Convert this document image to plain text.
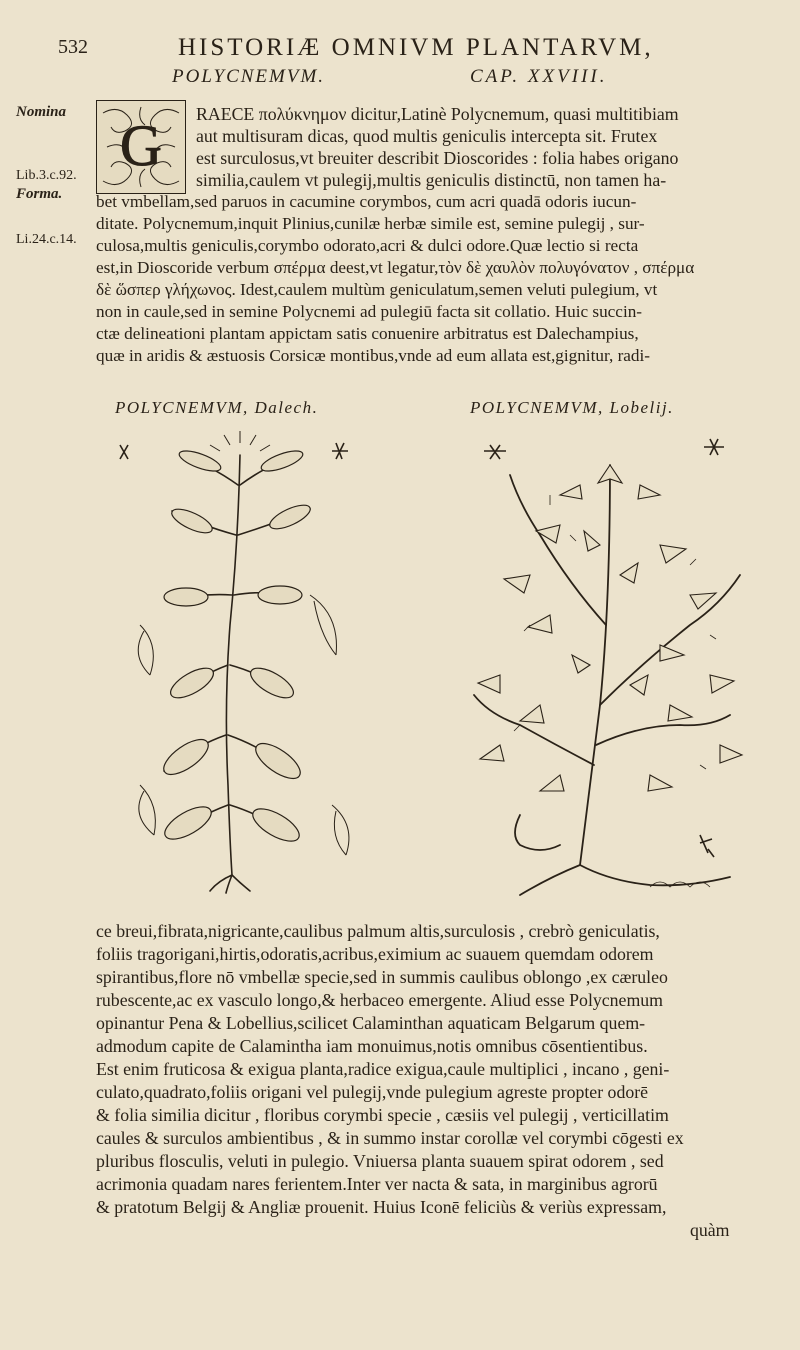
532	HISTORIÆ OMNIVM PLANTARVM,
POLYCNEMVM.	CAP. XXVIII.
Nomina
Lib.3.c.92.
Forma.
Li.24.c.14.
G RAECE πολύκνημον dicitur,Latinè Polycnemum, quasi multitibiam
aut multisuram dicas, quod multis geniculis intercepta sit. Frutex
est surculosus,vt breuiter describit Dioscorides : folia habes origano
similia,caulem vt pulegij,multis geniculis distinctū, non tamen ha-
bet vmbellam,sed paruos in cacumine corymbos, cum acri quadā odoris iucun-
ditate. Polycnemum,inquit Plinius,cunilæ herbæ simile est, semine pulegij , sur-
culosa,multis geniculis,corymbo odorato,acri & dulci odore.Quæ lectio si recta
est,in Dioscoride verbum σπέρμα deest,vt legatur,τὸν δὲ χαυλὸν πολυγόνατον , σπέρμα
δὲ ὥσπερ γλήχωνος. Idest,caulem multùm geniculatum,semen veluti pulegium, vt
non in caule,sed in semine Polycnemi ad pulegiū facta sit collatio. Huic succin-
ctæ delineationi plantam appictam satis conuenire arbitratus est Dalechampius,
quæ in aridis & æstuosis Corsicæ montibus,vnde ad eum allata est,gignitur, radi-
POLYCNEMVM, Dalech.	POLYCNEMVM, Lobelij.
ce breui,fibrata,nigricante,caulibus palmum altis,surculosis , crebrò geniculatis,
foliis tragorigani,hirtis,odoratis,acribus,eximium ac suauem quemdam odorem
spirantibus,flore nō vmbellæ specie,sed in summis caulibus oblongo ,ex cæruleo
rubescente,ac ex vasculo longo,& herbaceo emergente. Aliud esse Polycnemum
opinantur Pena & Lobellius,scilicet Calaminthan aquaticam Belgarum quem-
admodum capite de Calamintha iam monuimus,notis omnibus cōsentientibus.
Est enim fruticosa & exigua planta,radice exigua,caule multiplici , incano , geni-
culato,quadrato,foliis origani vel pulegij,vnde pulegium agreste propter odorē
& folia similia dicitur , floribus corymbi specie , cæsiis vel pulegij , verticillatim
caules & surculos ambientibus , & in summo instar corollæ vel corymbi cōgesti ex
pluribus flosculis, veluti in pulegio. Vniuersa planta suauem spirat odorem , sed
acrimonia quadam nares ferientem.Inter ver nacta & sata, in marginibus agrorū
& pratotum Belgij & Angliæ prouenit. Huius Iconē feliciùs & veriùs expressam,
quàm
